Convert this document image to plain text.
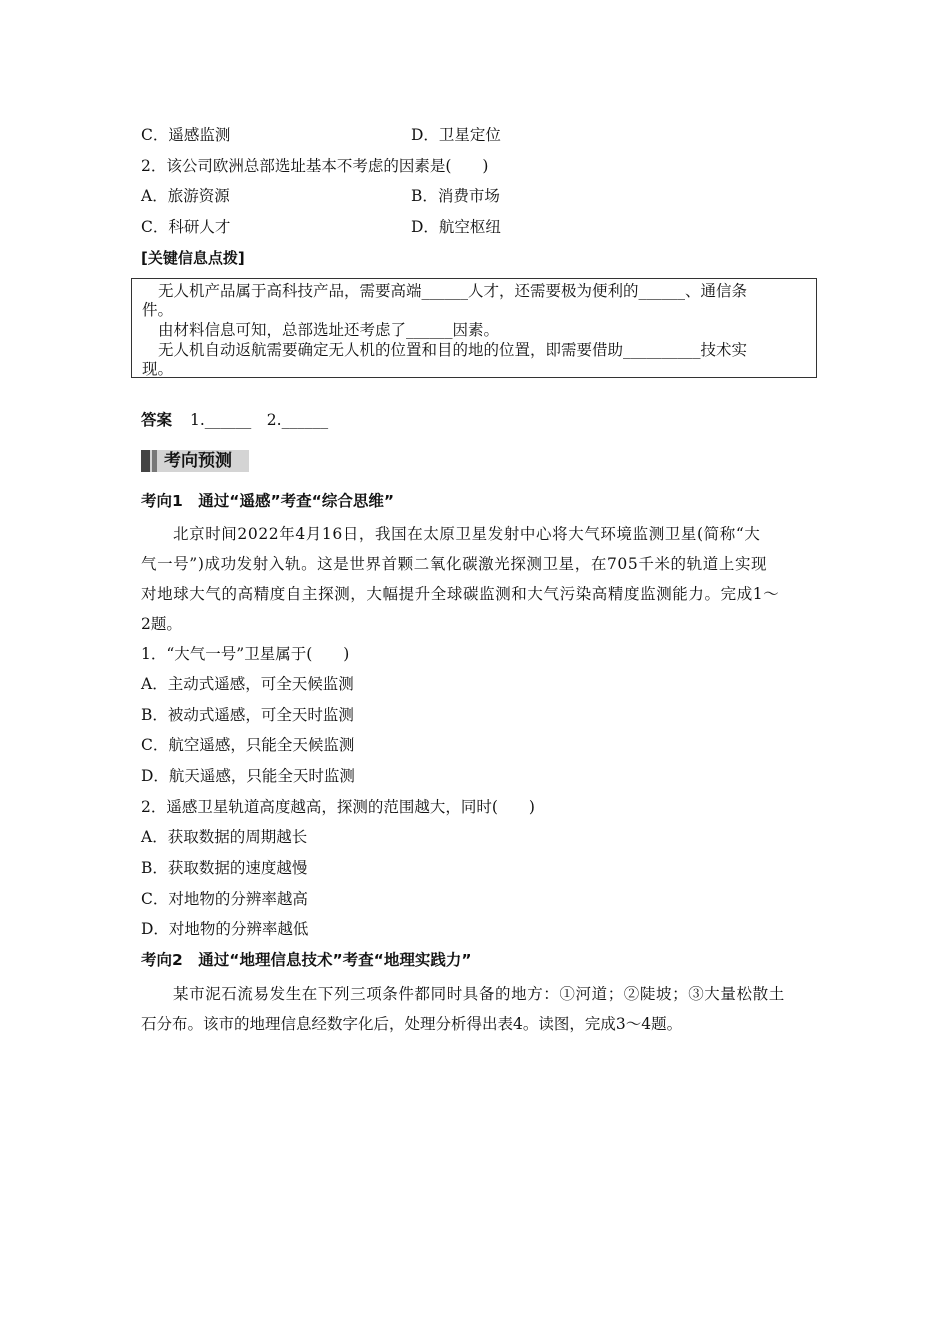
C．遥感监测	D．卫星定位
2．该公司欧洲总部选址基本不考虑的因素是(　　)
A．旅游资源	B．消费市场
C．科研人才	D．航空枢纽
[关键信息点拨]
无人机产品属于高科技产品，需要高端______人才，还需要极为便利的______、通信条
件。
由材料信息可知，总部选址还考虑了______因素。
无人机自动返航需要确定无人机的位置和目的地的位置，即需要借助__________技术实
现。
答案 1.______　2.______
考向预测
考向1　通过“遥感”考查“综合思维”
北京时间2022年4月16日，我国在太原卫星发射中心将大气环境监测卫星(简称“大
气一号”)成功发射入轨。这是世界首颗二氧化碳激光探测卫星，在705千米的轨道上实现
对地球大气的高精度自主探测，大幅提升全球碳监测和大气污染高精度监测能力。完成1～
2题。
1．“大气一号”卫星属于(　　)
A．主动式遥感，可全天候监测
B．被动式遥感，可全天时监测
C．航空遥感，只能全天候监测
D．航天遥感，只能全天时监测
2．遥感卫星轨道高度越高，探测的范围越大，同时(　　)
A．获取数据的周期越长
B．获取数据的速度越慢
C．对地物的分辨率越高
D．对地物的分辨率越低
考向2　通过“地理信息技术”考查“地理实践力”
某市泥石流易发生在下列三项条件都同时具备的地方：①河道；②陡坡；③大量松散土
石分布。该市的地理信息经数字化后，处理分析得出表4。读图，完成3～4题。
